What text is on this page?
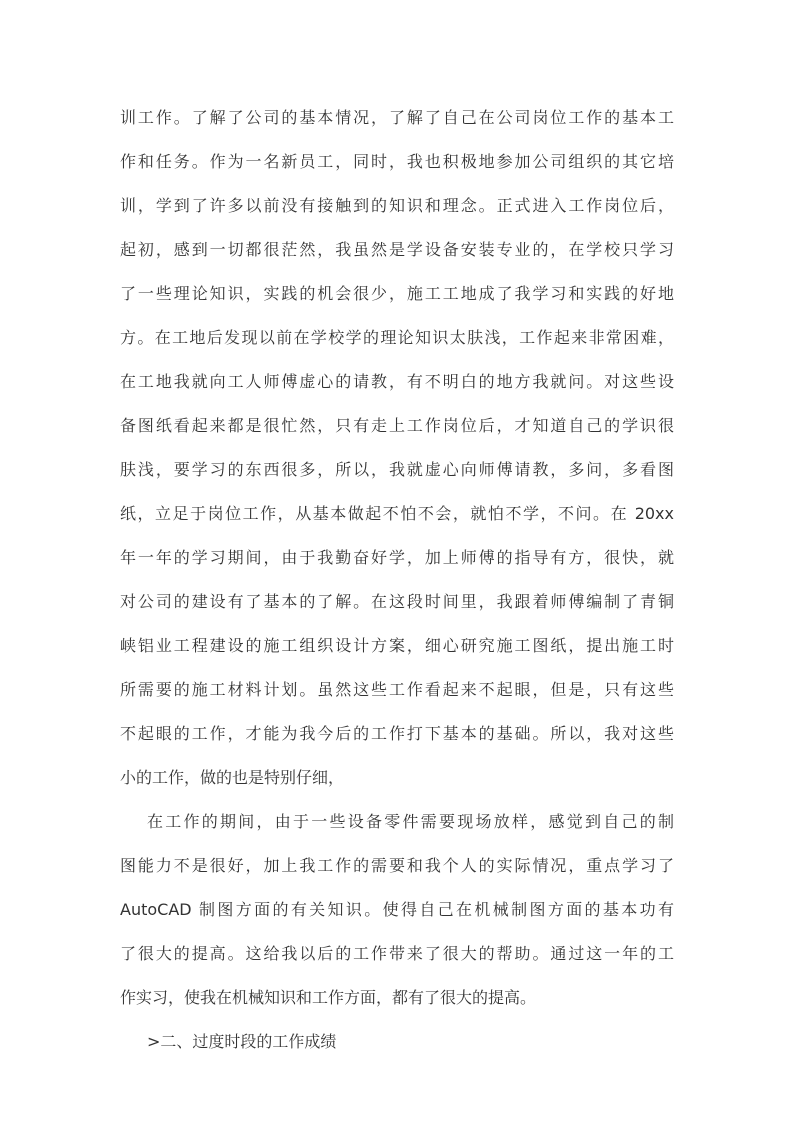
训工作。了解了公司的基本情况，了解了自己在公司岗位工作的基本工
作和任务。作为一名新员工，同时，我也积极地参加公司组织的其它培
训，学到了许多以前没有接触到的知识和理念。正式进入工作岗位后，
起初，感到一切都很茫然，我虽然是学设备安装专业的，在学校只学习
了一些理论知识，实践的机会很少，施工工地成了我学习和实践的好地
方。在工地后发现以前在学校学的理论知识太肤浅，工作起来非常困难，
在工地我就向工人师傅虚心的请教，有不明白的地方我就问。对这些设
备图纸看起来都是很忙然，只有走上工作岗位后，才知道自己的学识很
肤浅，要学习的东西很多，所以，我就虚心向师傅请教，多问，多看图
纸，立足于岗位工作，从基本做起不怕不会，就怕不学，不问。在 20xx
年一年的学习期间，由于我勤奋好学，加上师傅的指导有方，很快，就
对公司的建设有了基本的了解。在这段时间里，我跟着师傅编制了青铜
峡铝业工程建设的施工组织设计方案，细心研究施工图纸，提出施工时
所需要的施工材料计划。虽然这些工作看起来不起眼，但是，只有这些
不起眼的工作，才能为我今后的工作打下基本的基础。所以，我对这些
小的工作，做的也是特别仔细，
在工作的期间，由于一些设备零件需要现场放样，感觉到自己的制
图能力不是很好，加上我工作的需要和我个人的实际情况，重点学习了
AutoCAD 制图方面的有关知识。使得自己在机械制图方面的基本功有
了很大的提高。这给我以后的工作带来了很大的帮助。通过这一年的工
作实习，使我在机械知识和工作方面，都有了很大的提高。
>二、过度时段的工作成绩
